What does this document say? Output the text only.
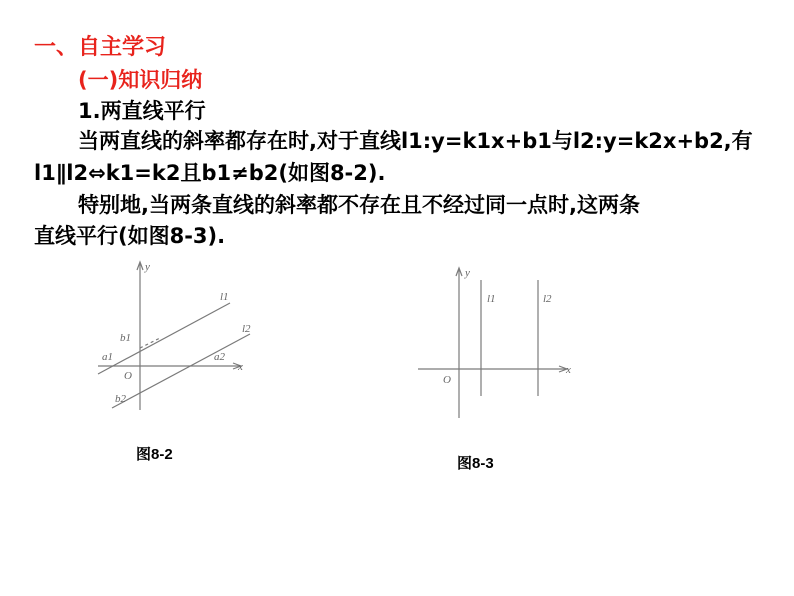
一、自主学习
(一)知识归纳
1.两直线平行
当两直线的斜率都存在时,对于直线l1:y=k1x+b1与l2:y=k2x+b2,有
l1∥l2⇔k1=k2且b1≠b2(如图8-2).
特别地,当两条直线的斜率都不存在且不经过同一点时,这两条
直线平行(如图8-3).
y
x
O
l1
l2
b1
b2
a1	a2
y
x
O
l1	l2
图8-2
图8-3
